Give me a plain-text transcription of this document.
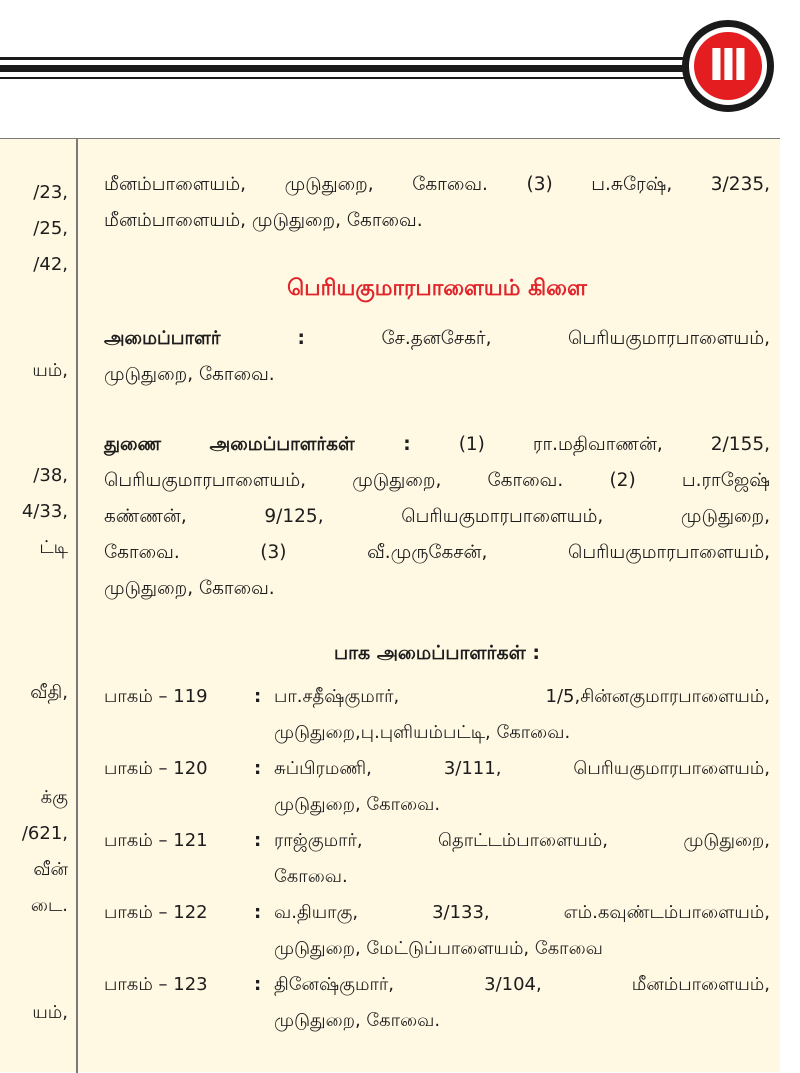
III
/23,
/25,
/42,
யம்,
/38,
4/33,
ட்டி
வீதி,
க்கு
/621,
வீன்
டை.
யம்,
மீனம்பாளையம், முடுதுறை, கோவை. (3) ப.சுரேஷ், 3/235,
மீனம்பாளையம், முடுதுறை, கோவை.
பெரியகுமாரபாளையம் கிளை
அமைப்பாளர் :	சே.தனசேகர், பெரியகுமாரபாளையம்,
முடுதுறை, கோவை.
துணை அமைப்பாளர்கள் :	(1) ரா.மதிவாணன், 2/155,
பெரியகுமாரபாளையம், முடுதுறை, கோவை. (2) ப.ராஜேஷ்
கண்ணன், 9/125, பெரியகுமாரபாளையம், முடுதுறை,
கோவை. (3) வீ.முருகேசன், பெரியகுமாரபாளையம்,
முடுதுறை, கோவை.
பாக அமைப்பாளர்கள் :
பாகம் – 119	: பா.சதீஷ்குமார், 1/5,சின்னகுமாரபாளையம்,
முடுதுறை,பு.புளியம்பட்டி, கோவை.
பாகம் – 120	: சுப்பிரமணி, 3/111, பெரியகுமாரபாளையம்,
முடுதுறை, கோவை.
பாகம் – 121	: ராஜ்குமார், தொட்டம்பாளையம், முடுதுறை,
கோவை.
பாகம் – 122	: வ.தியாகு, 3/133, எம்.கவுண்டம்பாளையம்,
முடுதுறை, மேட்டுப்பாளையம், கோவை
பாகம் – 123	: தினேஷ்குமார், 3/104, மீனம்பாளையம்,
முடுதுறை, கோவை.
